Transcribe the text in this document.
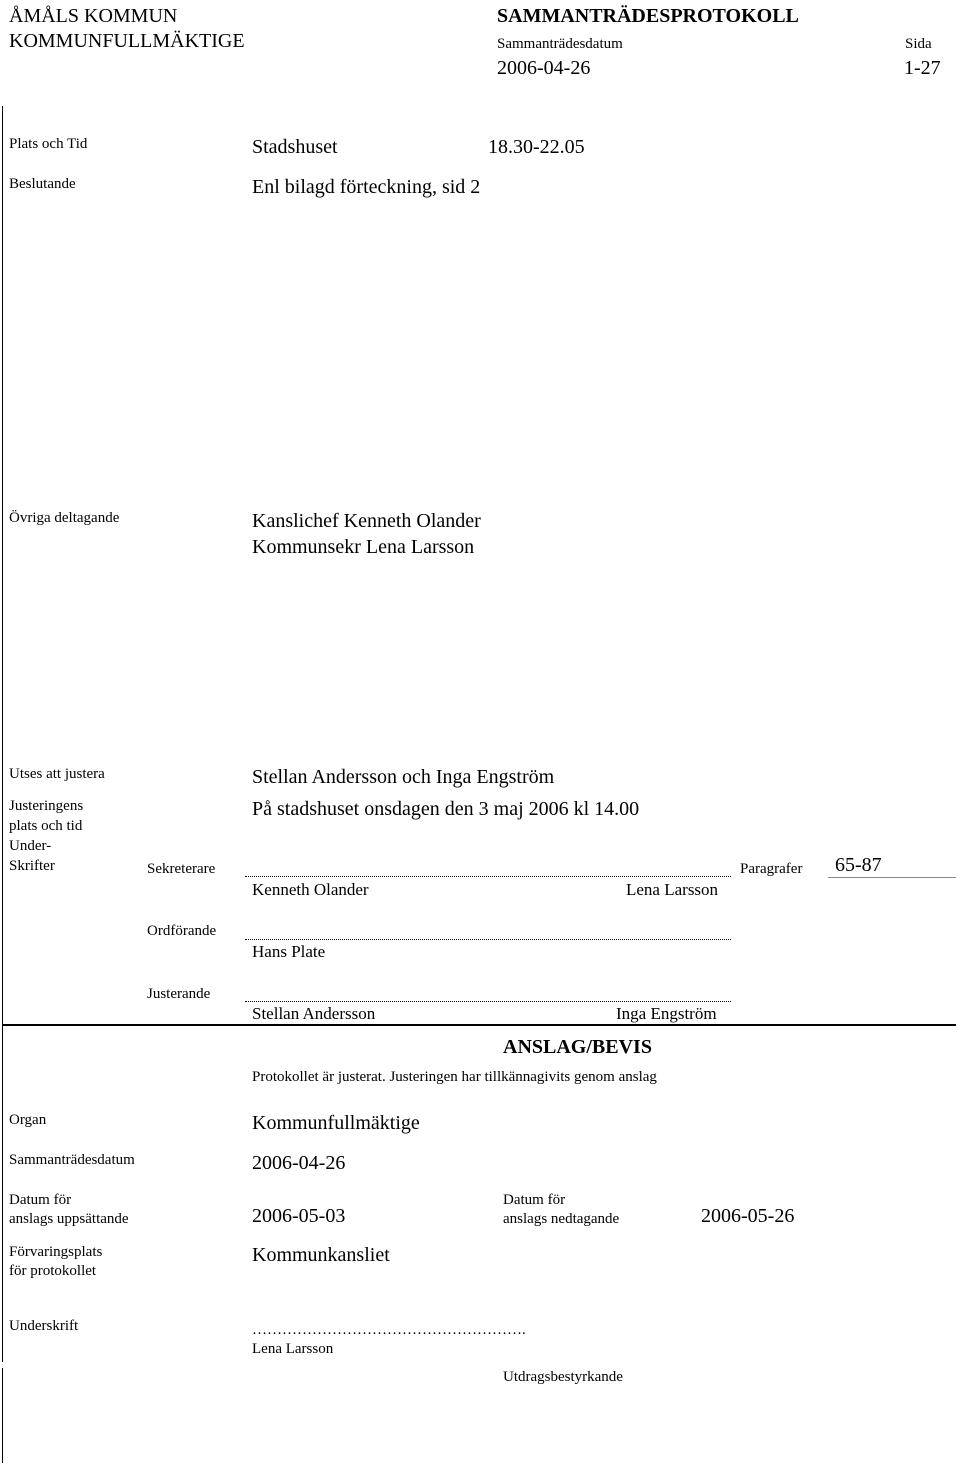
ÅMÅLS KOMMUN
KOMMUNFULLMÄKTIGE
SAMMANTRÄDESPROTOKOLL
Sammanträdesdatum
2006-04-26
Sida
1-27
Plats och Tid	Stadshuset	18.30-22.05
Beslutande	Enl bilagd förteckning, sid 2
Övriga deltagande	Kanslichef Kenneth Olander
Kommunsekr Lena Larsson
Utses att justera	Stellan Andersson och Inga Engström
Justeringens
plats och tid
På stadshuset onsdagen den 3 maj 2006 kl 14.00
Under-
Skrifter	Sekreterare
Kenneth Olander	Lena Larsson
Paragrafer 65-87
Ordförande
Hans Plate
Justerande
Stellan Andersson	Inga Engström
ANSLAG/BEVIS
Protokollet är justerat. Justeringen har tillkännagivits genom anslag
Organ	Kommunfullmäktige
Sammanträdesdatum	2006-04-26
Datum för
anslags uppsättande	2006-05-03
Datum för
anslags nedtagande	2006-05-26
Förvaringsplats
för protokollet
Kommunkansliet
Underskrift	……………………………………………….
Lena Larsson
Utdragsbestyrkande
